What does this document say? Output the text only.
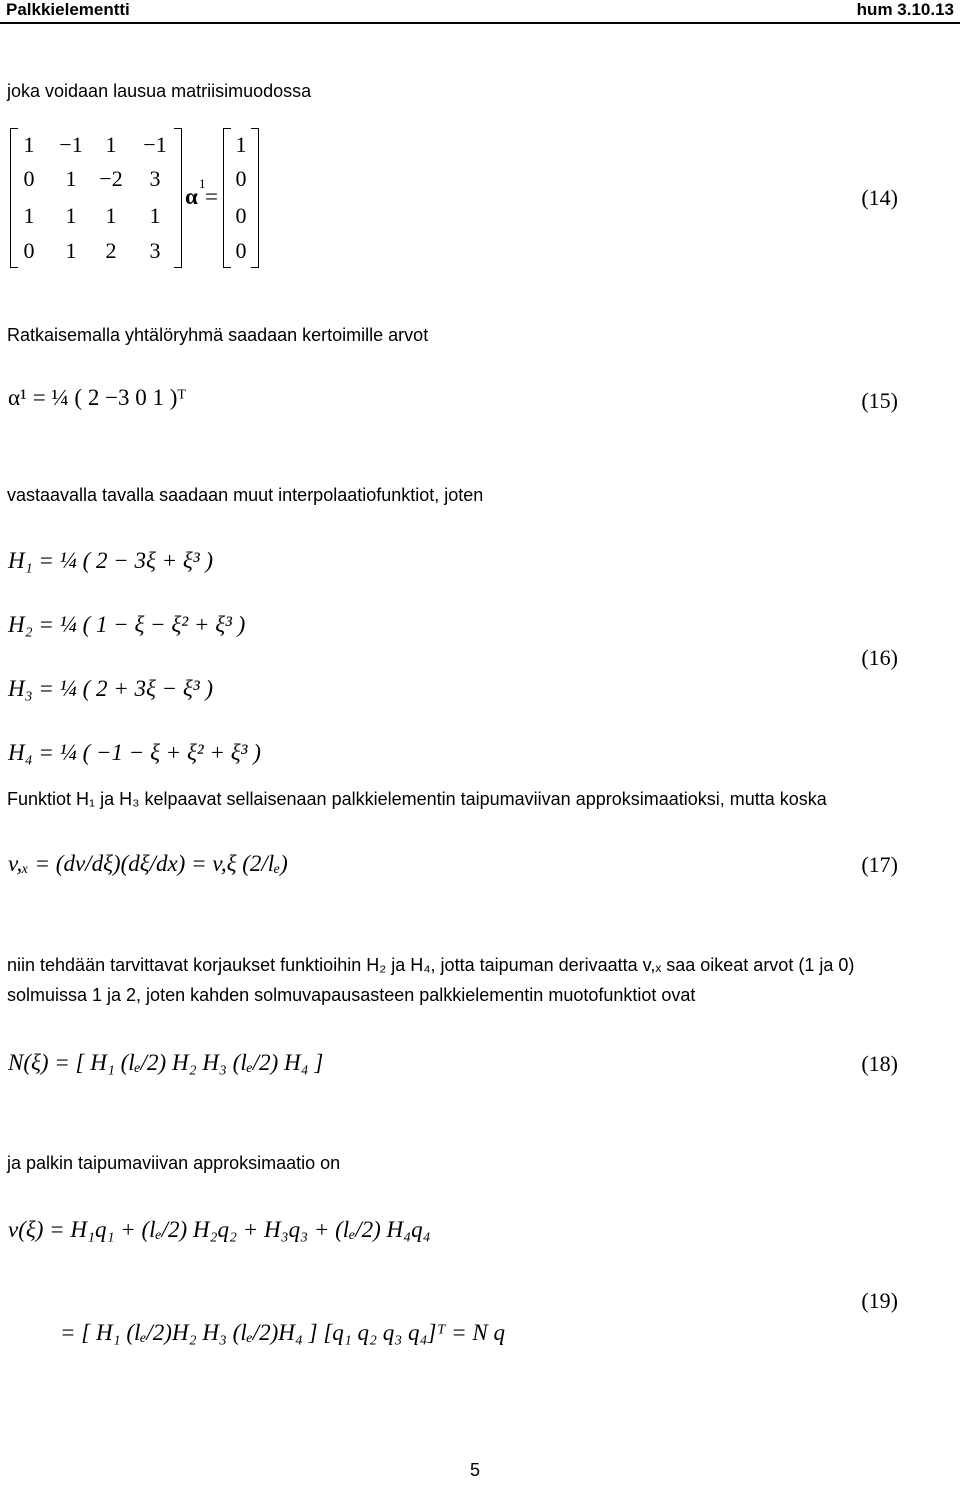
Palkkielementti	hum 3.10.13
joka voidaan lausua matriisimuodossa
1	−1	1	−1
0	1	−2	3
1	1	1	1
0	1	2	3
α
1
=
1
0
0
0
(14)
Ratkaisemalla yhtälöryhmä saadaan kertoimille arvot
α¹ = ¼ ( 2 −3 0 1 )ᵀ	(15)
vastaavalla tavalla saadaan muut interpolaatiofunktiot, joten
H₁ = ¼ ( 2 − 3ξ + ξ³ )
H₂ = ¼ ( 1 − ξ − ξ² + ξ³ )
H₃ = ¼ ( 2 + 3ξ − ξ³ )
H₄ = ¼ ( −1 − ξ + ξ² + ξ³ )
(16)
Funktiot H₁ ja H₃ kelpaavat sellaisenaan palkkielementin taipumaviivan approksimaatioksi, mutta koska
v,ₓ = (dv/dξ)(dξ/dx) = v,ξ (2/lₑ)	(17)
niin tehdään tarvittavat korjaukset funktioihin H₂ ja H₄, jotta taipuman derivaatta v,ₓ saa oikeat arvot (1 ja 0)
solmuissa 1 ja 2, joten kahden solmuvapausasteen palkkielementin muotofunktiot ovat
N(ξ) = [ H₁ (lₑ/2) H₂ H₃ (lₑ/2) H₄ ]	(18)
ja palkin taipumaviivan approksimaatio on
v(ξ) = H₁q₁ + (lₑ/2) H₂q₂ + H₃q₃ + (lₑ/2) H₄q₄
= [ H₁ (lₑ/2)H₂ H₃ (lₑ/2)H₄ ] [q₁ q₂ q₃ q₄]ᵀ = N q
(19)
5
